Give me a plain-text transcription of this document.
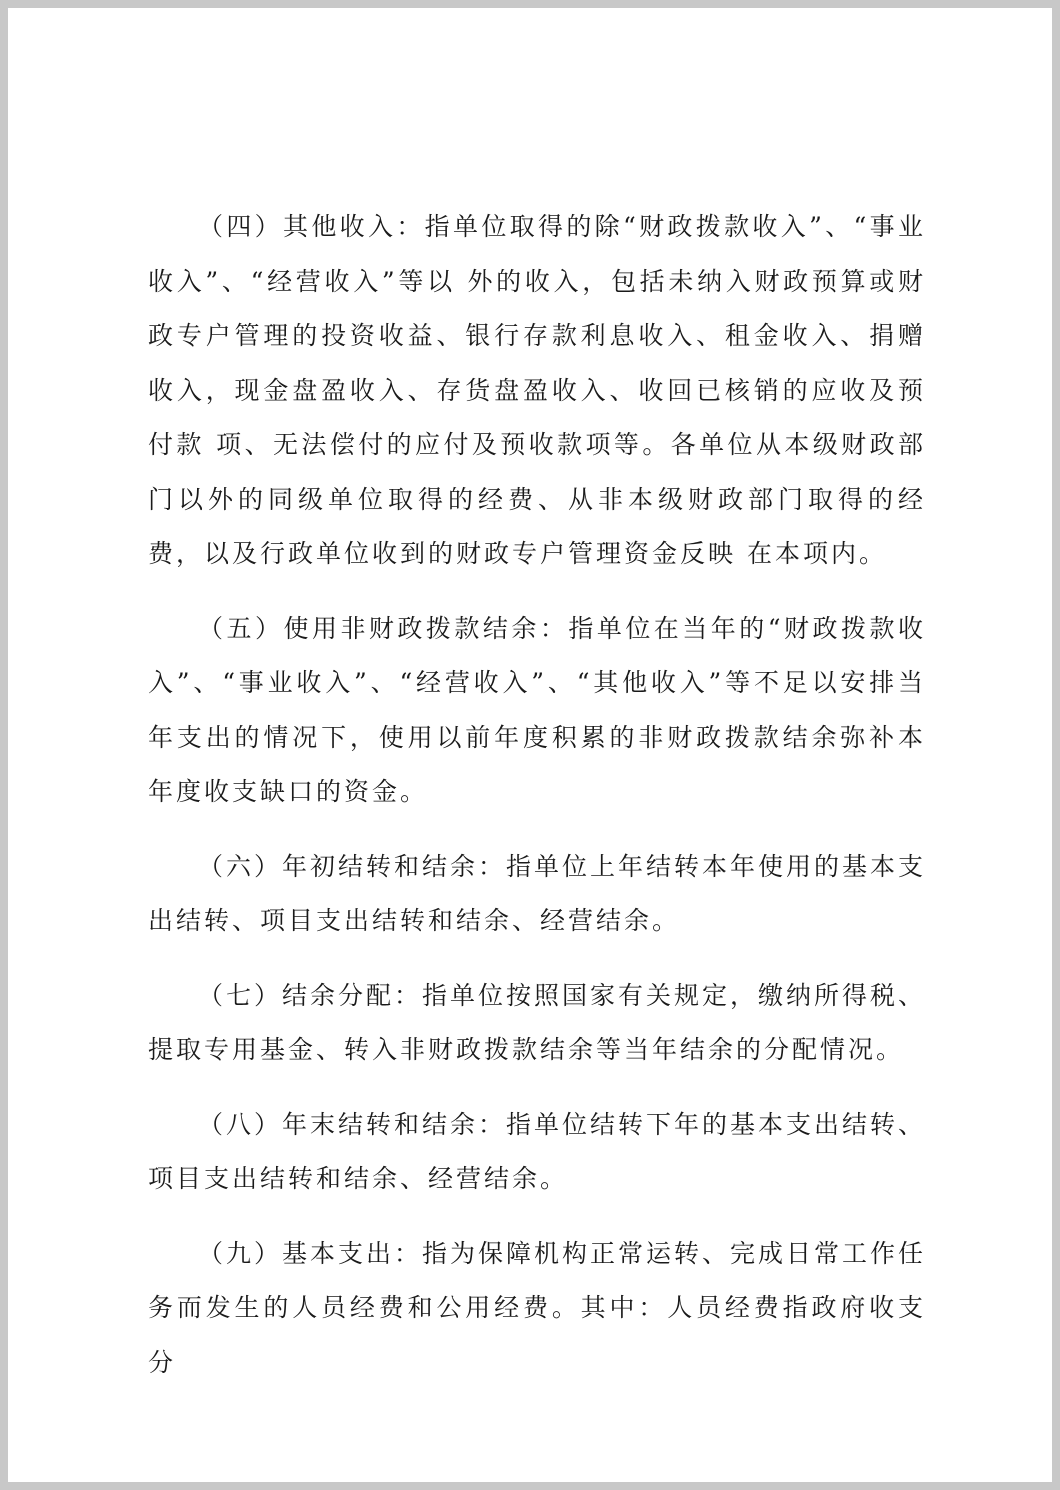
（四）其他收入：指单位取得的除“财政拨款收入”、“事业收入”、“经营收入”等以 外的收入，包括未纳入财政预算或财政专户管理的投资收益、银行存款利息收入、租金收入、捐赠收入，现金盘盈收入、存货盘盈收入、收回已核销的应收及预付款 项、无法偿付的应付及预收款项等。各单位从本级财政部门以外的同级单位取得的经费、从非本级财政部门取得的经费，以及行政单位收到的财政专户管理资金反映 在本项内。

（五）使用非财政拨款结余：指单位在当年的“财政拨款收入”、“事业收入”、“经营收入”、“其他收入”等不足以安排当年支出的情况下，使用以前年度积累的非财政拨款结余弥补本年度收支缺口的资金。

（六）年初结转和结余：指单位上年结转本年使用的基本支出结转、项目支出结转和结余、经营结余。

（七）结余分配：指单位按照国家有关规定，缴纳所得税、提取专用基金、转入非财政拨款结余等当年结余的分配情况。

（八）年末结转和结余：指单位结转下年的基本支出结转、项目支出结转和结余、经营结余。

（九）基本支出：指为保障机构正常运转、完成日常工作任务而发生的人员经费和公用经费。其中：人员经费指政府收支分
